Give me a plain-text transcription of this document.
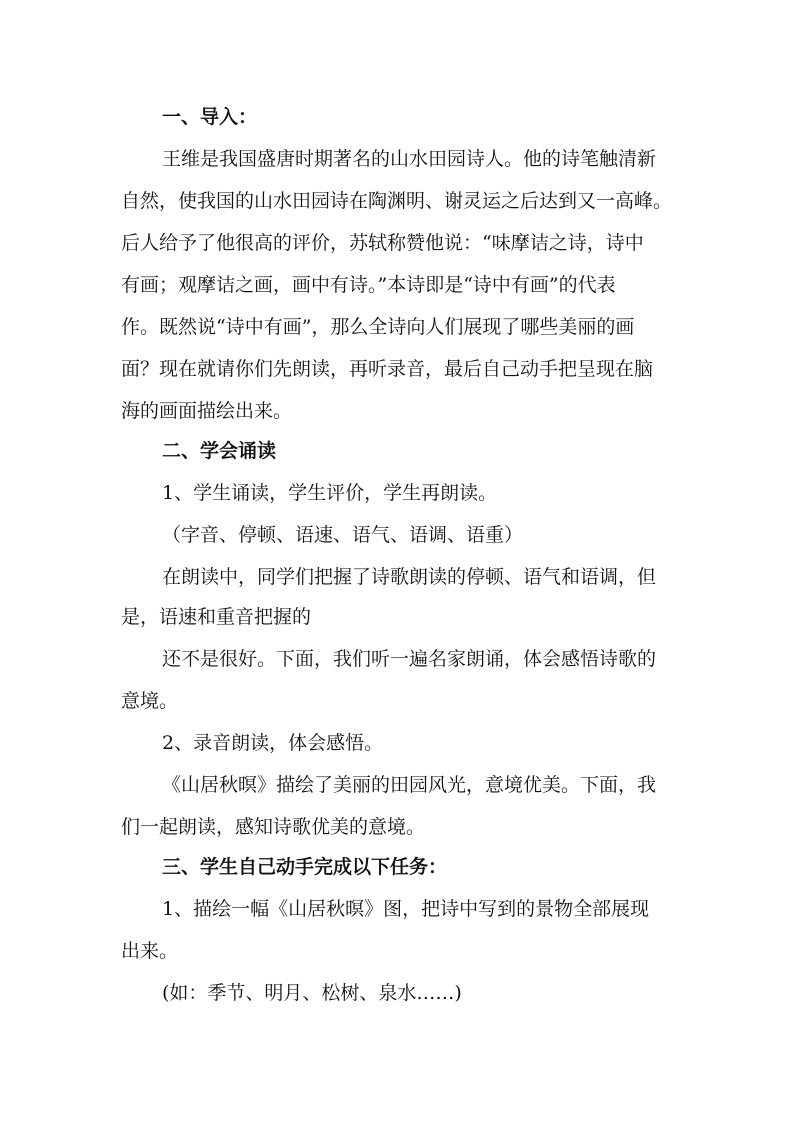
一、导入：
王维是我国盛唐时期著名的山水田园诗人。他的诗笔触清新
自然，使我国的山水田园诗在陶渊明、谢灵运之后达到又一高峰。
后人给予了他很高的评价，苏轼称赞他说：“味摩诘之诗，诗中
有画；观摩诘之画，画中有诗。”本诗即是“诗中有画”的代表
作。既然说“诗中有画”，那么全诗向人们展现了哪些美丽的画
面？现在就请你们先朗读，再听录音，最后自己动手把呈现在脑
海的画面描绘出来。
二、学会诵读
1、学生诵读，学生评价，学生再朗读。
（字音、停顿、语速、语气、语调、语重）
在朗读中，同学们把握了诗歌朗读的停顿、语气和语调，但
是，语速和重音把握的
还不是很好。下面，我们听一遍名家朗诵，体会感悟诗歌的
意境。
2、录音朗读，体会感悟。
《山居秋暝》描绘了美丽的田园风光，意境优美。下面，我
们一起朗读，感知诗歌优美的意境。
三、学生自己动手完成以下任务：
1、描绘一幅《山居秋暝》图，把诗中写到的景物全部展现
出来。
(如：季节、明月、松树、泉水……)
